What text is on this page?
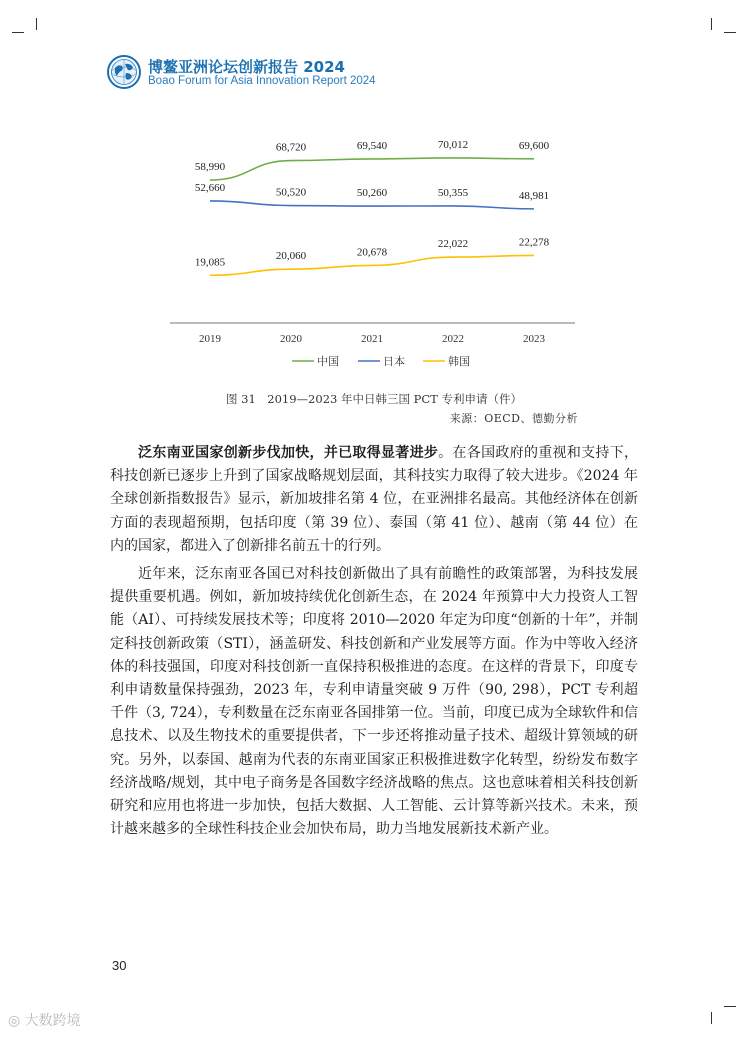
博鳌亚洲论坛创新报告 2024
Boao Forum for Asia Innovation Report 2024
2019	2020	2021	2022	2023
58,990
68,720	69,540	70,012	69,600
52,660	50,520	50,260	50,355	48,981
19,085
20,060	20,678
22,022	22,278
中国	日本	韩国
图 31　2019—2023 年中日韩三国 PCT 专利申请（件）
来源：OECD、德勤分析

泛东南亚国家创新步伐加快，并已取得显著进步。在各国政府的重视和支持下，科技创新已逐步上升到了国家战略规划层面，其科技实力取得了较大进步。《2024 年全球创新指数报告》显示，新加坡排名第 4 位，在亚洲排名最高。其他经济体在创新方面的表现超预期，包括印度（第 39 位）、泰国（第 41 位）、越南（第 44 位）在内的国家，都进入了创新排名前五十的行列。

近年来，泛东南亚各国已对科技创新做出了具有前瞻性的政策部署，为科技发展提供重要机遇。例如，新加坡持续优化创新生态，在 2024 年预算中大力投资人工智能（AI）、可持续发展技术等；印度将 2010—2020 年定为印度“创新的十年”，并制定科技创新政策（STI），涵盖研发、科技创新和产业发展等方面。作为中等收入经济体的科技强国，印度对科技创新一直保持积极推进的态度。在这样的背景下，印度专利申请数量保持强劲，2023 年，专利申请量突破 9 万件（90, 298），PCT 专利超千件（3, 724），专利数量在泛东南亚各国排第一位。当前，印度已成为全球软件和信息技术、以及生物技术的重要提供者，下一步还将推动量子技术、超级计算领域的研究。另外，以泰国、越南为代表的东南亚国家正积极推进数字化转型，纷纷发布数字经济战略/规划，其中电子商务是各国数字经济战略的焦点。这也意味着相关科技创新研究和应用也将进一步加快，包括大数据、人工智能、云计算等新兴技术。未来，预计越来越多的全球性科技企业会加快布局，助力当地发展新技术新产业。

30
◎ 大数跨境
